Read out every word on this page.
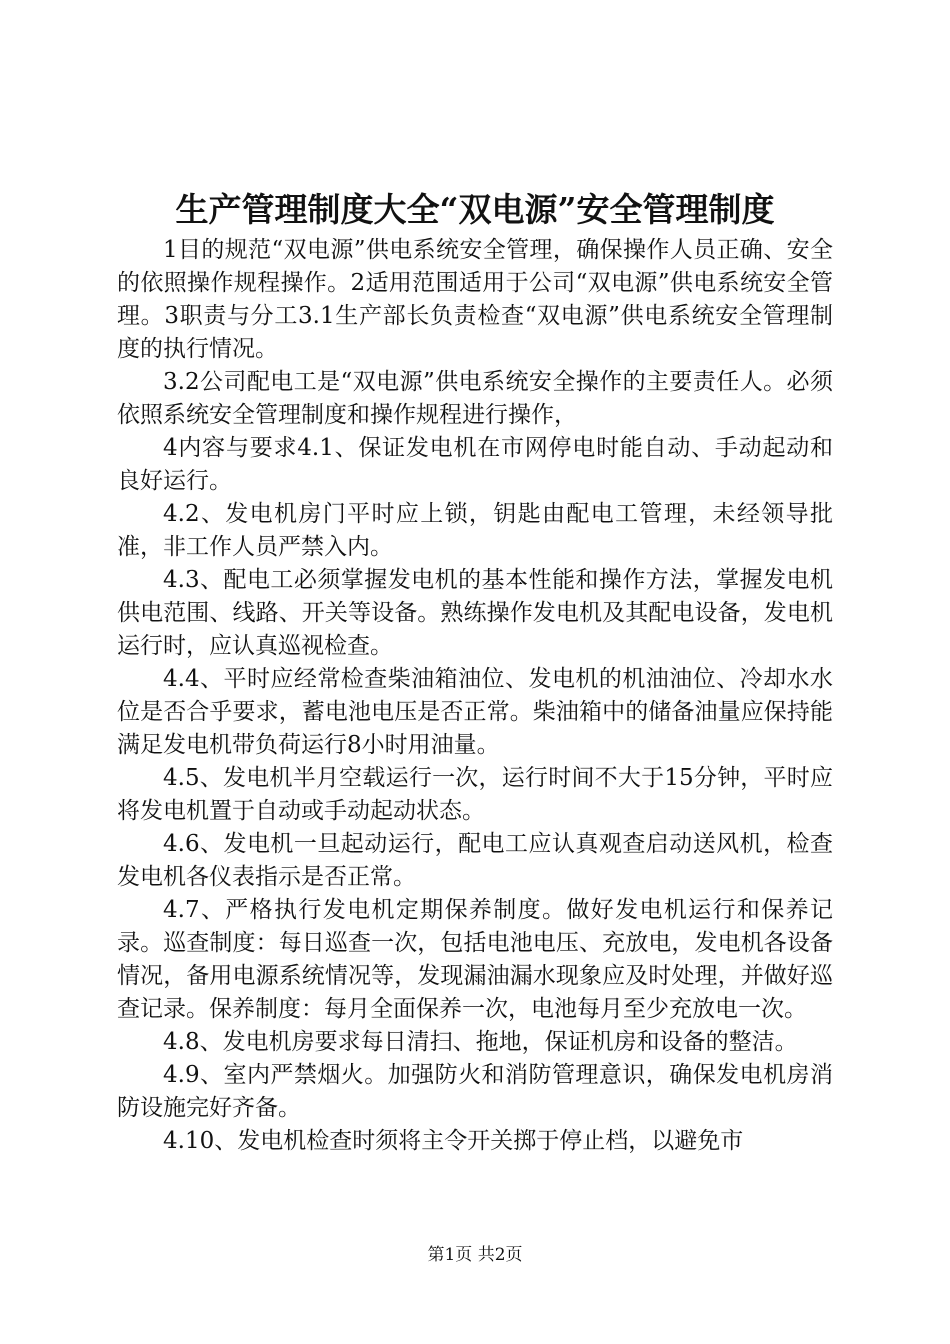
生产管理制度大全“双电源”安全管理制度

1目的规范“双电源”供电系统安全管理，确保操作人员正确、安全的依照操作规程操作。2适用范围适用于公司“双电源”供电系统安全管理。3职责与分工3.1生产部长负责检查“双电源”供电系统安全管理制度的执行情况。

3.2公司配电工是“双电源”供电系统安全操作的主要责任人。必须依照系统安全管理制度和操作规程进行操作，

4内容与要求4.1、保证发电机在市网停电时能自动、手动起动和良好运行。

4.2、发电机房门平时应上锁，钥匙由配电工管理，未经领导批准，非工作人员严禁入内。

4.3、配电工必须掌握发电机的基本性能和操作方法，掌握发电机供电范围、线路、开关等设备。熟练操作发电机及其配电设备，发电机运行时，应认真巡视检查。

4.4、平时应经常检查柴油箱油位、发电机的机油油位、冷却水水位是否合乎要求，蓄电池电压是否正常。柴油箱中的储备油量应保持能满足发电机带负荷运行8小时用油量。

4.5、发电机半月空载运行一次，运行时间不大于15分钟，平时应将发电机置于自动或手动起动状态。

4.6、发电机一旦起动运行，配电工应认真观查启动送风机，检查发电机各仪表指示是否正常。

4.7、严格执行发电机定期保养制度。做好发电机运行和保养记录。巡查制度：每日巡查一次，包括电池电压、充放电，发电机各设备情况，备用电源系统情况等，发现漏油漏水现象应及时处理，并做好巡查记录。保养制度：每月全面保养一次，电池每月至少充放电一次。

4.8、发电机房要求每日清扫、拖地，保证机房和设备的整洁。

4.9、室内严禁烟火。加强防火和消防管理意识，确保发电机房消防设施完好齐备。

4.10、发电机检查时须将主令开关掷于停止档，以避免市

第1页 共2页
